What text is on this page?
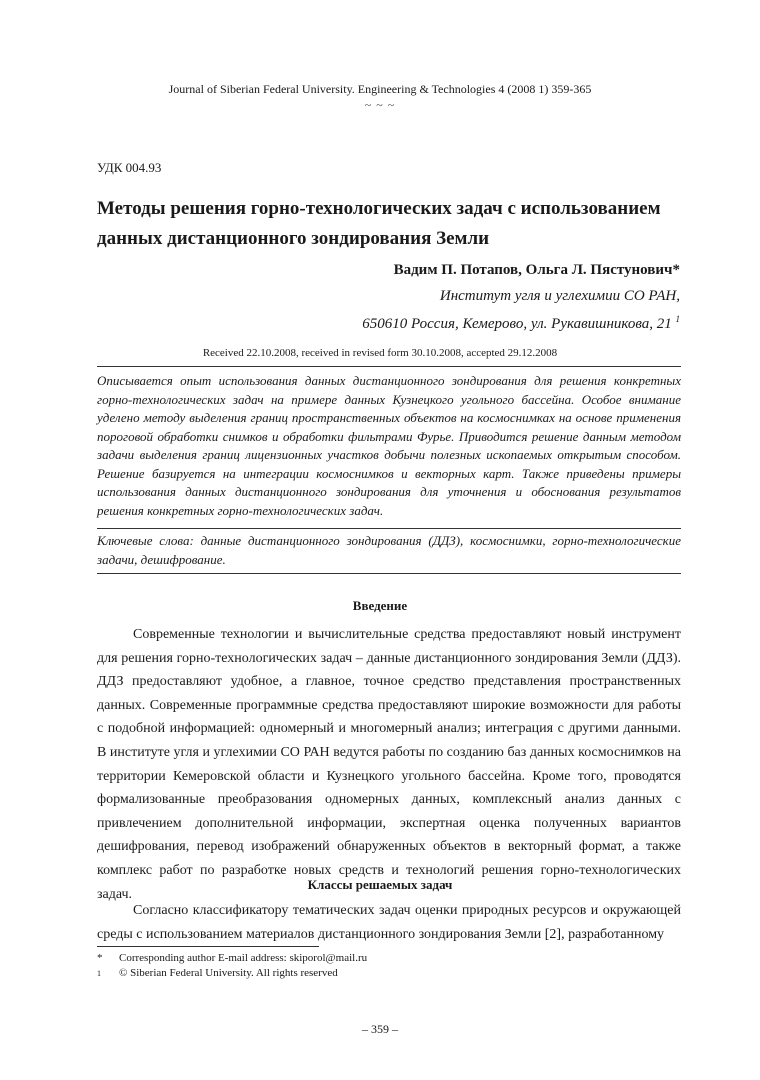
Journal of Siberian Federal University. Engineering & Technologies 4 (2008 1) 359-365
~ ~ ~
УДК 004.93
Методы решения горно-технологических задач с использованием данных дистанционного зондирования Земли
Вадим П. Потапов, Ольга Л. Пястунович*
Институт угля и углехимии СО РАН,
650610 Россия, Кемерово, ул. Рукавишникова, 21 $^1$
Received 22.10.2008, received in revised form 30.10.2008, accepted 29.12.2008
Описывается опыт использования данных дистанционного зондирования для решения конкретных горно-технологических задач на примере данных Кузнецкого угольного бассейна. Особое внимание уделено методу выделения границ пространственных объектов на космоснимках на основе применения пороговой обработки снимков и обработки фильтрами Фурье. Приводится решение данным методом задачи выделения границ лицензионных участков добычи полезных ископаемых открытым способом. Решение базируется на интеграции космоснимков и векторных карт. Также приведены примеры использования данных дистанционного зондирования для уточнения и обоснования результатов решения конкретных горно-технологических задач.
Ключевые слова: данные дистанционного зондирования (ДДЗ), космоснимки, горно-технологические задачи, дешифрование.
Введение
Современные технологии и вычислительные средства предоставляют новый инструмент для решения горно-технологических задач – данные дистанционного зондирования Земли (ДДЗ). ДДЗ предоставляют удобное, а главное, точное средство представления пространственных данных. Современные программные средства предоставляют широкие возможности для работы с подобной информацией: одномерный и многомерный анализ; интеграция с другими данными. В институте угля и углехимии СО РАН ведутся работы по созданию баз данных космоснимков на территории Кемеровской области и Кузнецкого угольного бассейна. Кроме того, проводятся формализованные преобразования одномерных данных, комплексный анализ данных с привлечением дополнительной информации, экспертная оценка полученных вариантов дешифрования, перевод изображений обнаруженных объектов в векторный формат, а также комплекс работ по разработке новых средств и технологий решения горно-технологических задач.
Классы решаемых задач
Согласно классификатору тематических задач оценки природных ресурсов и окружающей среды с использованием материалов дистанционного зондирования Земли [2], разработанному
* Corresponding author E-mail address: skiporol@mail.ru
1 © Siberian Federal University. All rights reserved
– 359 –
